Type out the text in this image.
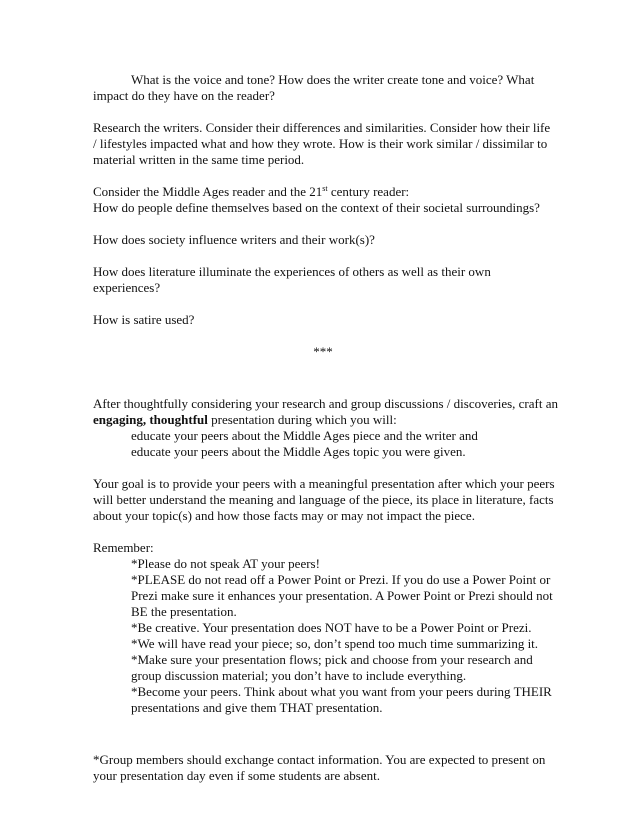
What is the voice and tone? How does the writer create tone and voice? What
impact do they have on the reader?
Research the writers. Consider their differences and similarities. Consider how their life
/ lifestyles impacted what and how they wrote. How is their work similar / dissimilar to
material written in the same time period.
Consider the Middle Ages reader and the 21st century reader:
How do people define themselves based on the context of their societal surroundings?
How does society influence writers and their work(s)?
How does literature illuminate the experiences of others as well as their own
experiences?
How is satire used?
***
After thoughtfully considering your research and group discussions / discoveries, craft an
engaging, thoughtful presentation during which you will:
educate your peers about the Middle Ages piece and the writer and
educate your peers about the Middle Ages topic you were given.
Your goal is to provide your peers with a meaningful presentation after which your peers
will better understand the meaning and language of the piece, its place in literature, facts
about your topic(s) and how those facts may or may not impact the piece.
Remember:
*Please do not speak AT your peers!
*PLEASE do not read off a Power Point or Prezi. If you do use a Power Point or
Prezi make sure it enhances your presentation. A Power Point or Prezi should not
BE the presentation.
*Be creative. Your presentation does NOT have to be a Power Point or Prezi.
*We will have read your piece; so, don’t spend too much time summarizing it.
*Make sure your presentation flows; pick and choose from your research and
group discussion material; you don’t have to include everything.
*Become your peers. Think about what you want from your peers during THEIR
presentations and give them THAT presentation.
*Group members should exchange contact information. You are expected to present on
your presentation day even if some students are absent.
